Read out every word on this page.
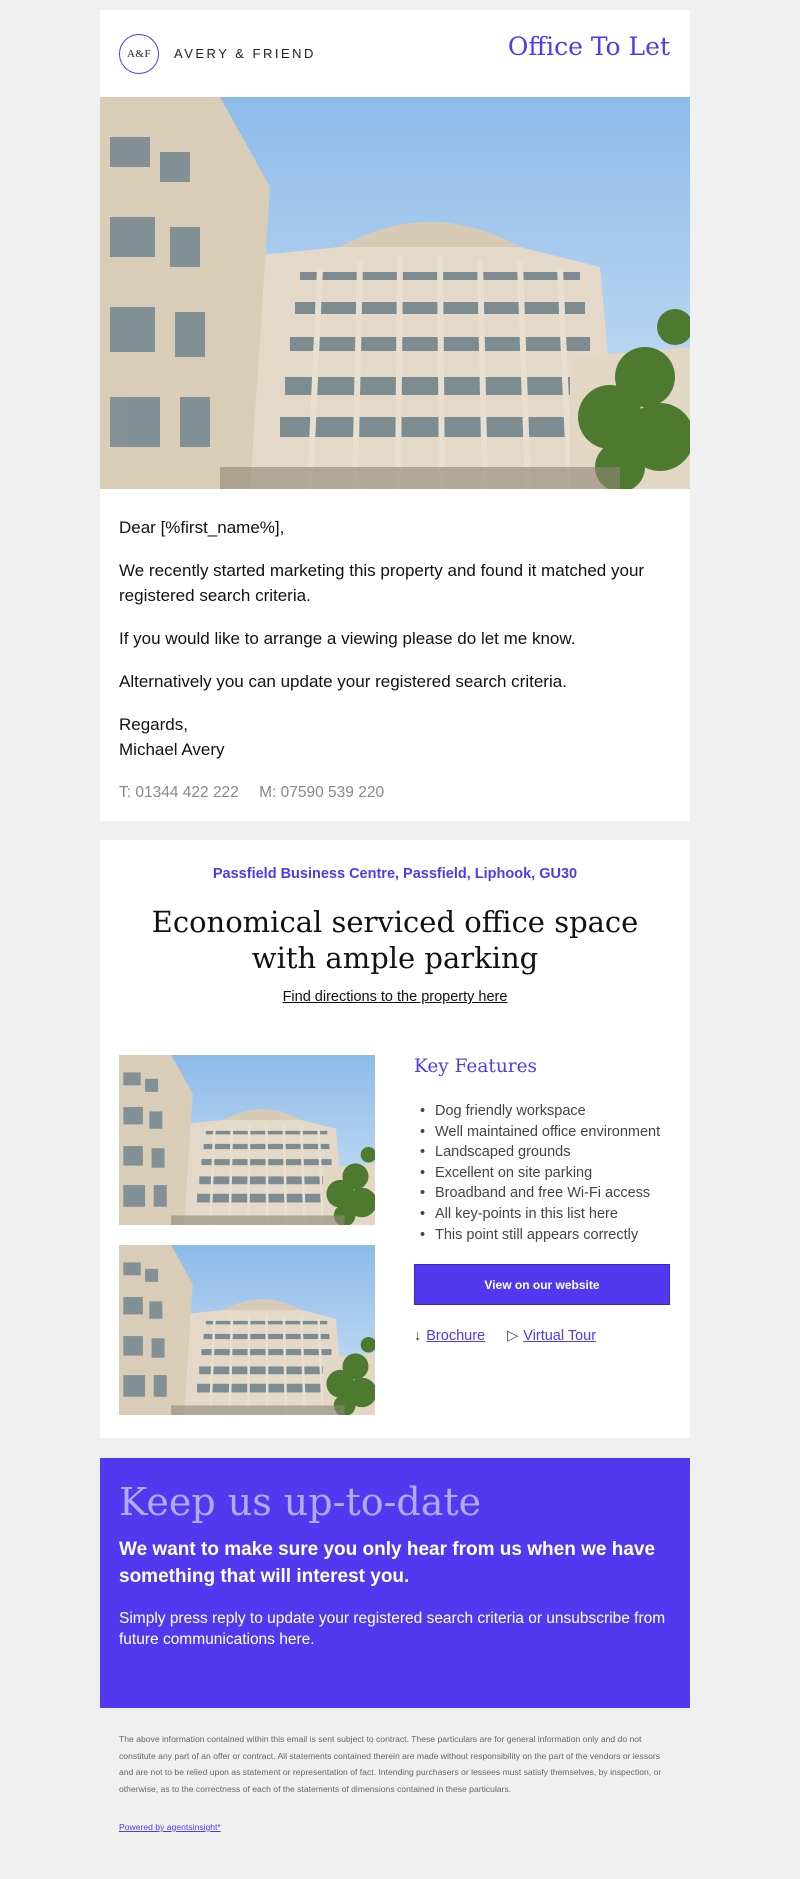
A&F	AVERY & FRIEND	Office To Let

Dear [%first_name%],

We recently started marketing this property and found it matched your registered search criteria.

If you would like to arrange a viewing please do let me know.

Alternatively you can update your registered search criteria.

Regards,
Michael Avery

T: 01344 422 222 M: 07590 539 220

Passfield Business Centre, Passfield, Liphook, GU30
Economical serviced office space with ample parking
Find directions to the property here
Key Features
• Dog friendly workspace
• Well maintained office environment
• Landscaped grounds
• Excellent on site parking
• Broadband and free Wi-Fi access
• All key-points in this list here
• This point still appears correctly
View on our website
↓ Brochure ▷ Virtual Tour
Keep us up-to-date
We want to make sure you only hear from us when we have something that will interest you.
Simply press reply to update your registered search criteria or unsubscribe from future communications here.
The above information contained within this email is sent subject to contract. These particulars are for general information only and do not constitute any part of an offer or contract. All statements contained therein are made without responsibility on the part of the vendors or lessors and are not to be relied upon as statement or representation of fact. Intending purchasers or lessees must satisfy themselves, by inspection, or otherwise, as to the correctness of each of the statements of dimensions contained in these particulars.
Powered by agentsinsight*
